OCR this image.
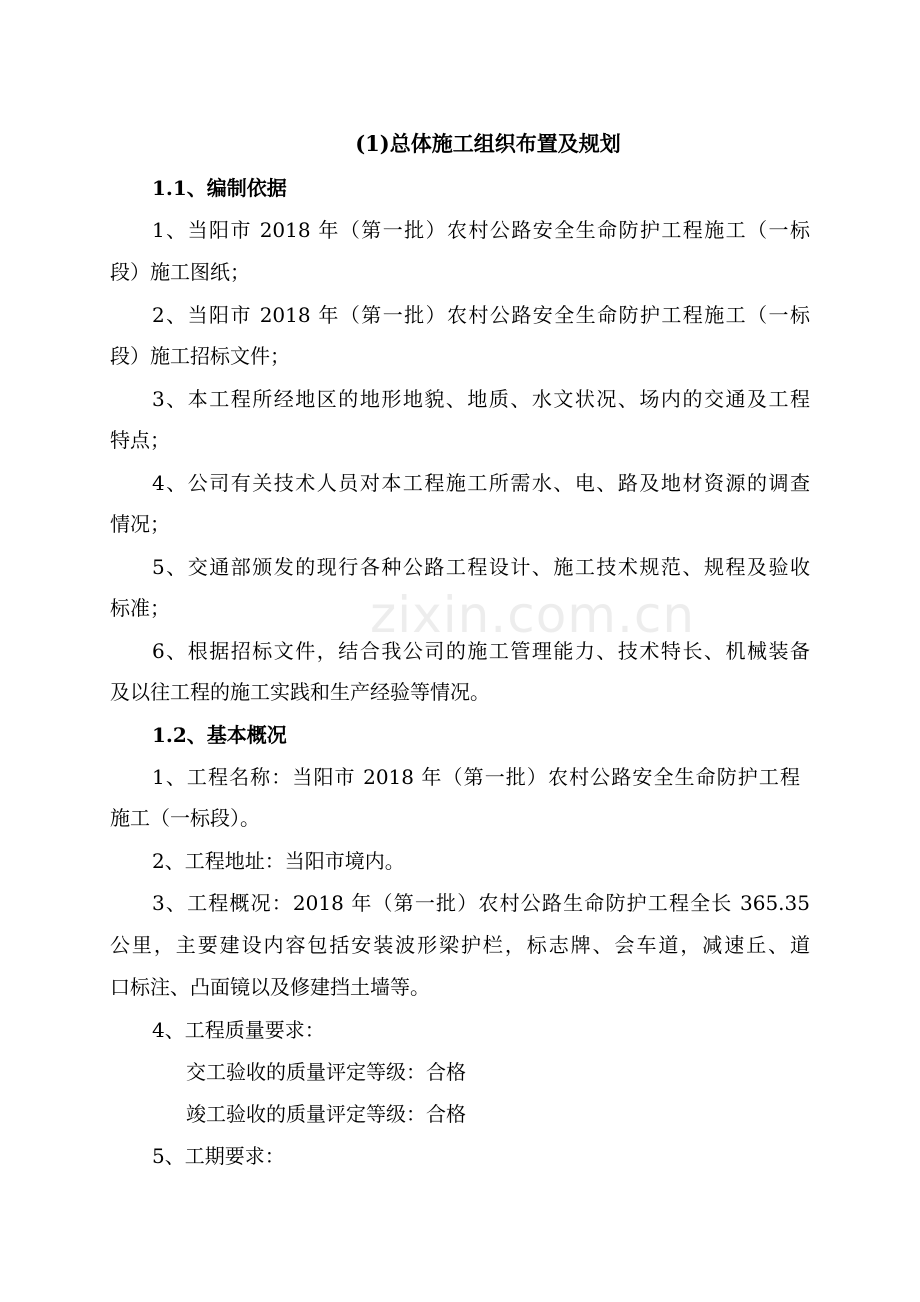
zixin.com.cn
(1)总体施工组织布置及规划
1.1、编制依据
1、当阳市 2018 年（第一批）农村公路安全生命防护工程施工（一标
段）施工图纸；
2、当阳市 2018 年（第一批）农村公路安全生命防护工程施工（一标
段）施工招标文件；
3、本工程所经地区的地形地貌、地质、水文状况、场内的交通及工程
特点；
4、公司有关技术人员对本工程施工所需水、电、路及地材资源的调查
情况；
5、交通部颁发的现行各种公路工程设计、施工技术规范、规程及验收
标准；
6、根据招标文件，结合我公司的施工管理能力、技术特长、机械装备
及以往工程的施工实践和生产经验等情况。
1.2、基本概况
1、工程名称：当阳市 2018 年（第一批）农村公路安全生命防护工程
施工（一标段）。
2、工程地址：当阳市境内。
3、工程概况：2018 年（第一批）农村公路生命防护工程全长 365.35
公里，主要建设内容包括安装波形梁护栏，标志牌、会车道，减速丘、道
口标注、凸面镜以及修建挡土墙等。
4、工程质量要求：
交工验收的质量评定等级：合格
竣工验收的质量评定等级：合格
5、工期要求：
